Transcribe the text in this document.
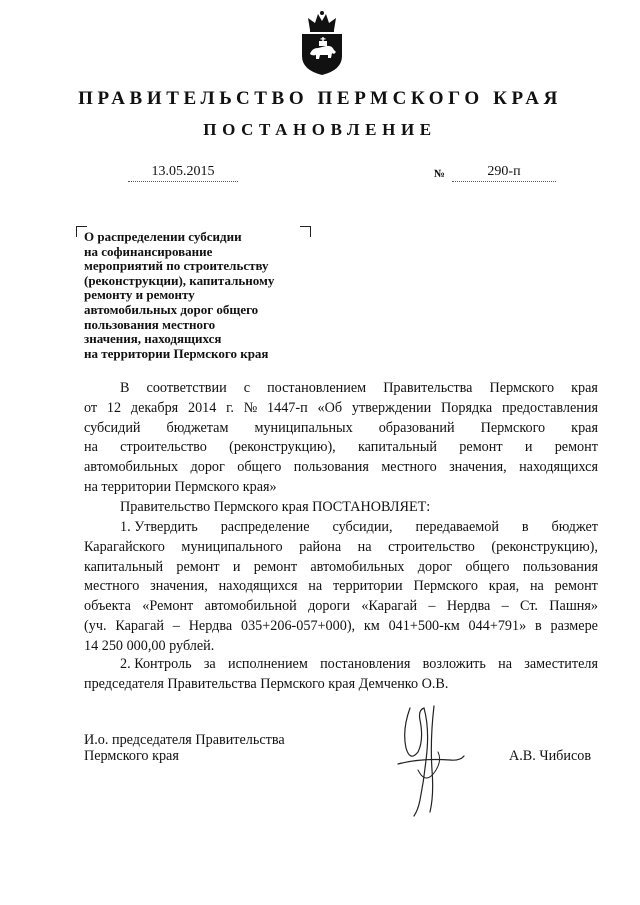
ПРАВИТЕЛЬСТВО ПЕРМСКОГО КРАЯ
ПОСТАНОВЛЕНИЕ
13.05.2015	№	290-п
О распределении субсидии
на софинансирование
мероприятий по строительству
(реконструкции), капитальному
ремонту и ремонту
автомобильных дорог общего
пользования местного
значения, находящихся
на территории Пермского края
В соответствии с постановлением Правительства Пермского края
от 12 декабря 2014 г. № 1447-п «Об утверждении Порядка предоставления
субсидий бюджетам муниципальных образований Пермского края
на строительство (реконструкцию), капитальный ремонт и ремонт
автомобильных дорог общего пользования местного значения, находящихся
на территории Пермского края»
Правительство Пермского края ПОСТАНОВЛЯЕТ:
1. Утвердить распределение субсидии, передаваемой в бюджет
Карагайского муниципального района на строительство (реконструкцию),
капитальный ремонт и ремонт автомобильных дорог общего пользования
местного значения, находящихся на территории Пермского края, на ремонт
объекта «Ремонт автомобильной дороги «Карагай – Нердва – Ст. Пашня»
(уч. Карагай – Нердва 035+206-057+000), км 041+500-км 044+791» в размере
14 250 000,00 рублей.
2. Контроль за исполнением постановления возложить на заместителя
председателя Правительства Пермского края Демченко О.В.
И.о. председателя Правительства
Пермского края	А.В. Чибисов
